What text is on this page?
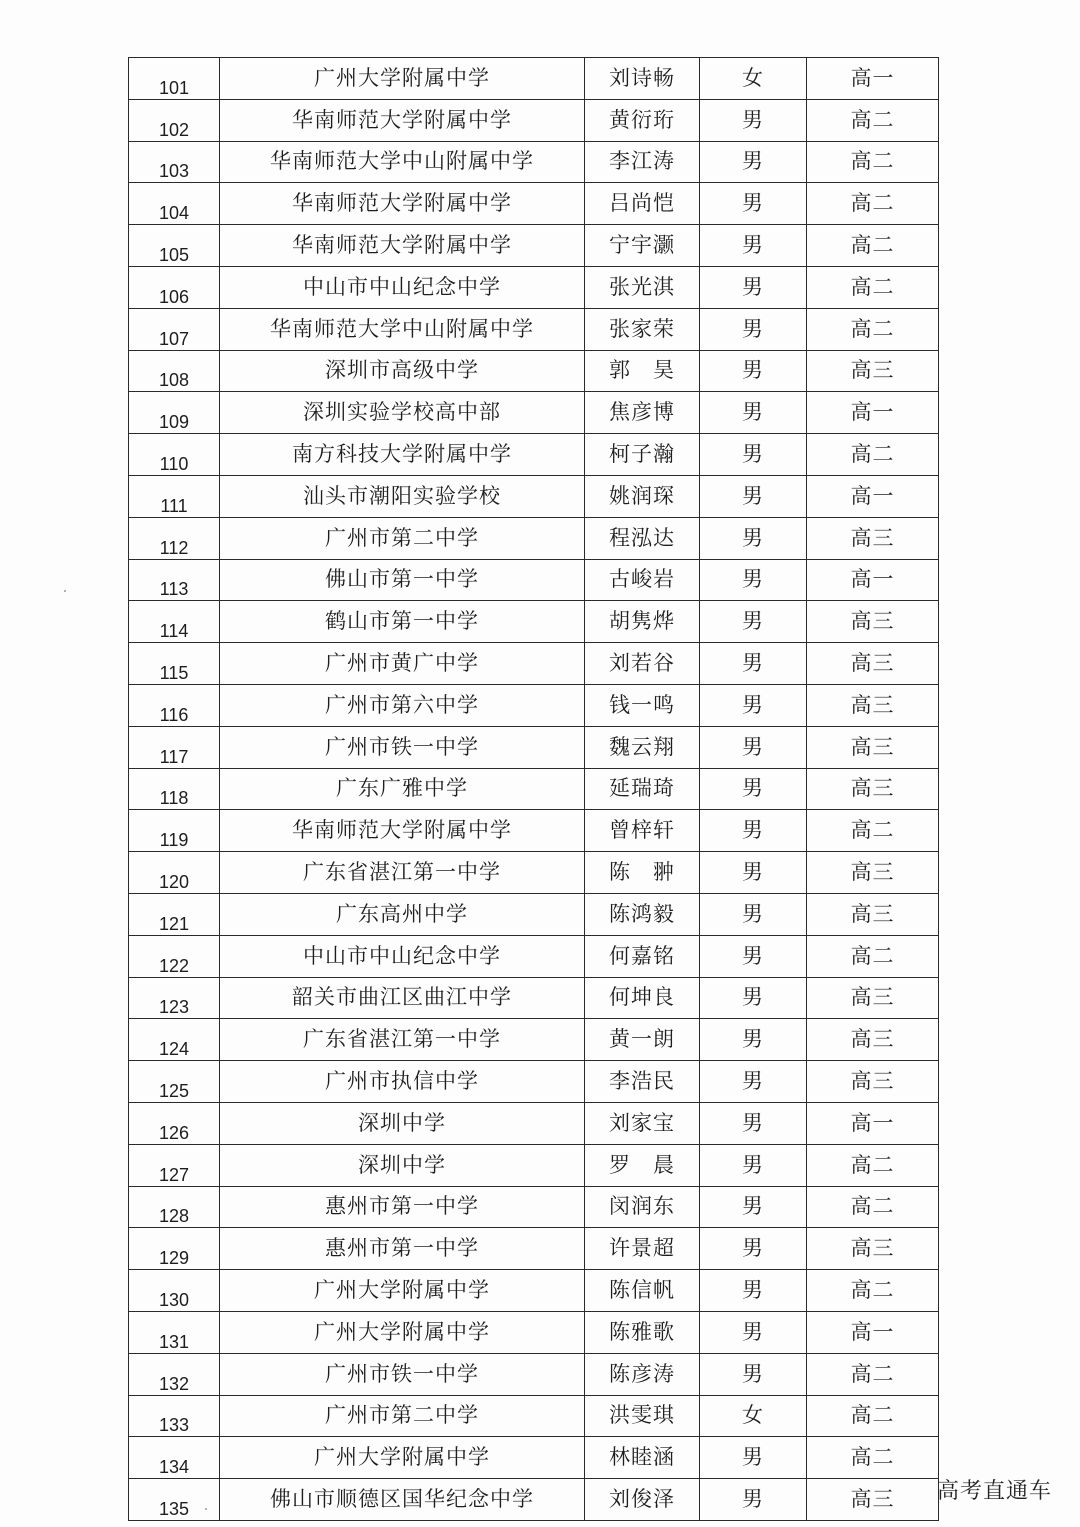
101	广州大学附属中学	刘诗畅	女	高一
102	华南师范大学附属中学	黄衍珩	男	高二
103	华南师范大学中山附属中学	李江涛	男	高二
104	华南师范大学附属中学	吕尚恺	男	高二
105	华南师范大学附属中学	宁宇灏	男	高二
106	中山市中山纪念中学	张光淇	男	高二
107	华南师范大学中山附属中学	张家荣	男	高二
108	深圳市高级中学	郭　昊	男	高三
109	深圳实验学校高中部	焦彦博	男	高一
110	南方科技大学附属中学	柯子瀚	男	高二
111	汕头市潮阳实验学校	姚润琛	男	高一
112	广州市第二中学	程泓达	男	高三
113	佛山市第一中学	古峻岩	男	高一
114	鹤山市第一中学	胡隽烨	男	高三
115	广州市黄广中学	刘若谷	男	高三
116	广州市第六中学	钱一鸣	男	高三
117	广州市铁一中学	魏云翔	男	高三
118	广东广雅中学	延瑞琦	男	高三
119	华南师范大学附属中学	曾梓轩	男	高二
120	广东省湛江第一中学	陈　翀	男	高三
121	广东高州中学	陈鸿毅	男	高三
122	中山市中山纪念中学	何嘉铭	男	高二
123	韶关市曲江区曲江中学	何坤良	男	高三
124	广东省湛江第一中学	黄一朗	男	高三
125	广州市执信中学	李浩民	男	高三
126	深圳中学	刘家宝	男	高一
127	深圳中学	罗　晨	男	高二
128	惠州市第一中学	闵润东	男	高二
129	惠州市第一中学	许景超	男	高三
130	广州大学附属中学	陈信帆	男	高二
131	广州大学附属中学	陈雅歌	男	高一
132	广州市铁一中学	陈彦涛	男	高二
133	广州市第二中学	洪雯琪	女	高二
134	广州大学附属中学	林睦涵	男	高二
135	佛山市顺德区国华纪念中学	刘俊泽	男	高三 高考直通车
